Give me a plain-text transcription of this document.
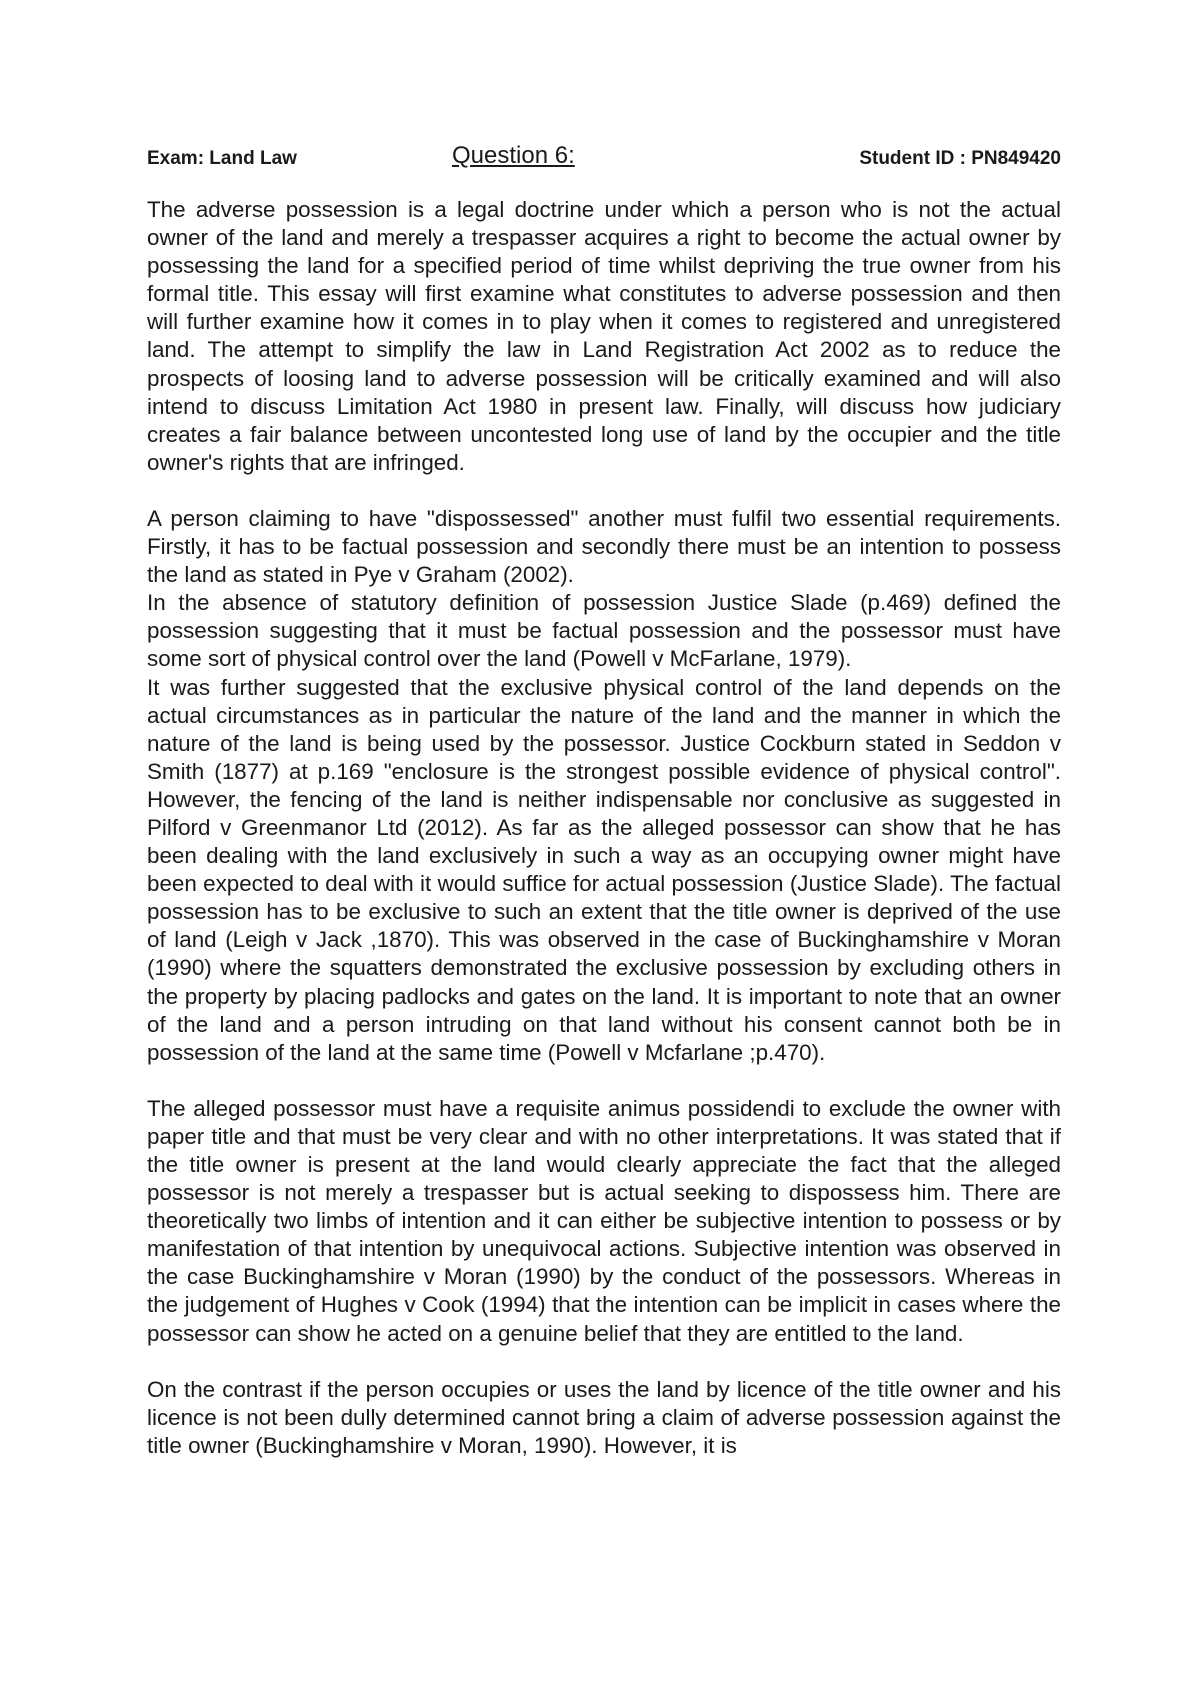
Exam: Land Law	Question 6:	Student ID : PN849420

The adverse possession is a legal doctrine under which a person who is not the actual owner of the land and merely a trespasser acquires a right to become the actual owner by possessing the land for a specified period of time whilst depriving the true owner from his formal title. This essay will first examine what constitutes to adverse possession and then will further examine how it comes in to play when it comes to registered and unregistered land. The attempt to simplify the law in Land Registration Act 2002 as to reduce the prospects of loosing land to adverse possession will be critically examined and will also intend to discuss Limitation Act 1980 in present law. Finally, will discuss how judiciary creates a fair balance between uncontested long use of land by the occupier and the title owner's rights that are infringed.

A person claiming to have "dispossessed" another must fulfil two essential requirements. Firstly, it has to be factual possession and secondly there must be an intention to possess the land as stated in Pye v Graham (2002).

In the absence of statutory definition of possession Justice Slade (p.469) defined the possession suggesting that it must be factual possession and the possessor must have some sort of physical control over the land (Powell v McFarlane, 1979).

It was further suggested that the exclusive physical control of the land depends on the actual circumstances as in particular the nature of the land and the manner in which the nature of the land is being used by the possessor. Justice Cockburn stated in Seddon v Smith (1877) at p.169 "enclosure is the strongest possible evidence of physical control". However, the fencing of the land is neither indispensable nor conclusive as suggested in Pilford v Greenmanor Ltd (2012). As far as the alleged possessor can show that he has been dealing with the land exclusively in such a way as an occupying owner might have been expected to deal with it would suffice for actual possession (Justice Slade). The factual possession has to be exclusive to such an extent that the title owner is deprived of the use of land (Leigh v Jack ,1870). This was observed in the case of Buckinghamshire v Moran (1990) where the squatters demonstrated the exclusive possession by excluding others in the property by placing padlocks and gates on the land. It is important to note that an owner of the land and a person intruding on that land without his consent cannot both be in possession of the land at the same time (Powell v Mcfarlane ;p.470).

The alleged possessor must have a requisite animus possidendi to exclude the owner with paper title and that must be very clear and with no other interpretations. It was stated that if the title owner is present at the land would clearly appreciate the fact that the alleged possessor is not merely a trespasser but is actual seeking to dispossess him. There are theoretically two limbs of intention and it can either be subjective intention to possess or by manifestation of that intention by unequivocal actions. Subjective intention was observed in the case Buckinghamshire v Moran (1990) by the conduct of the possessors. Whereas in the judgement of Hughes v Cook (1994) that the intention can be implicit in cases where the possessor can show he acted on a genuine belief that they are entitled to the land.

On the contrast if the person occupies or uses the land by licence of the title owner and his licence is not been dully determined cannot bring a claim of adverse possession against the title owner (Buckinghamshire v Moran, 1990). However, it is
